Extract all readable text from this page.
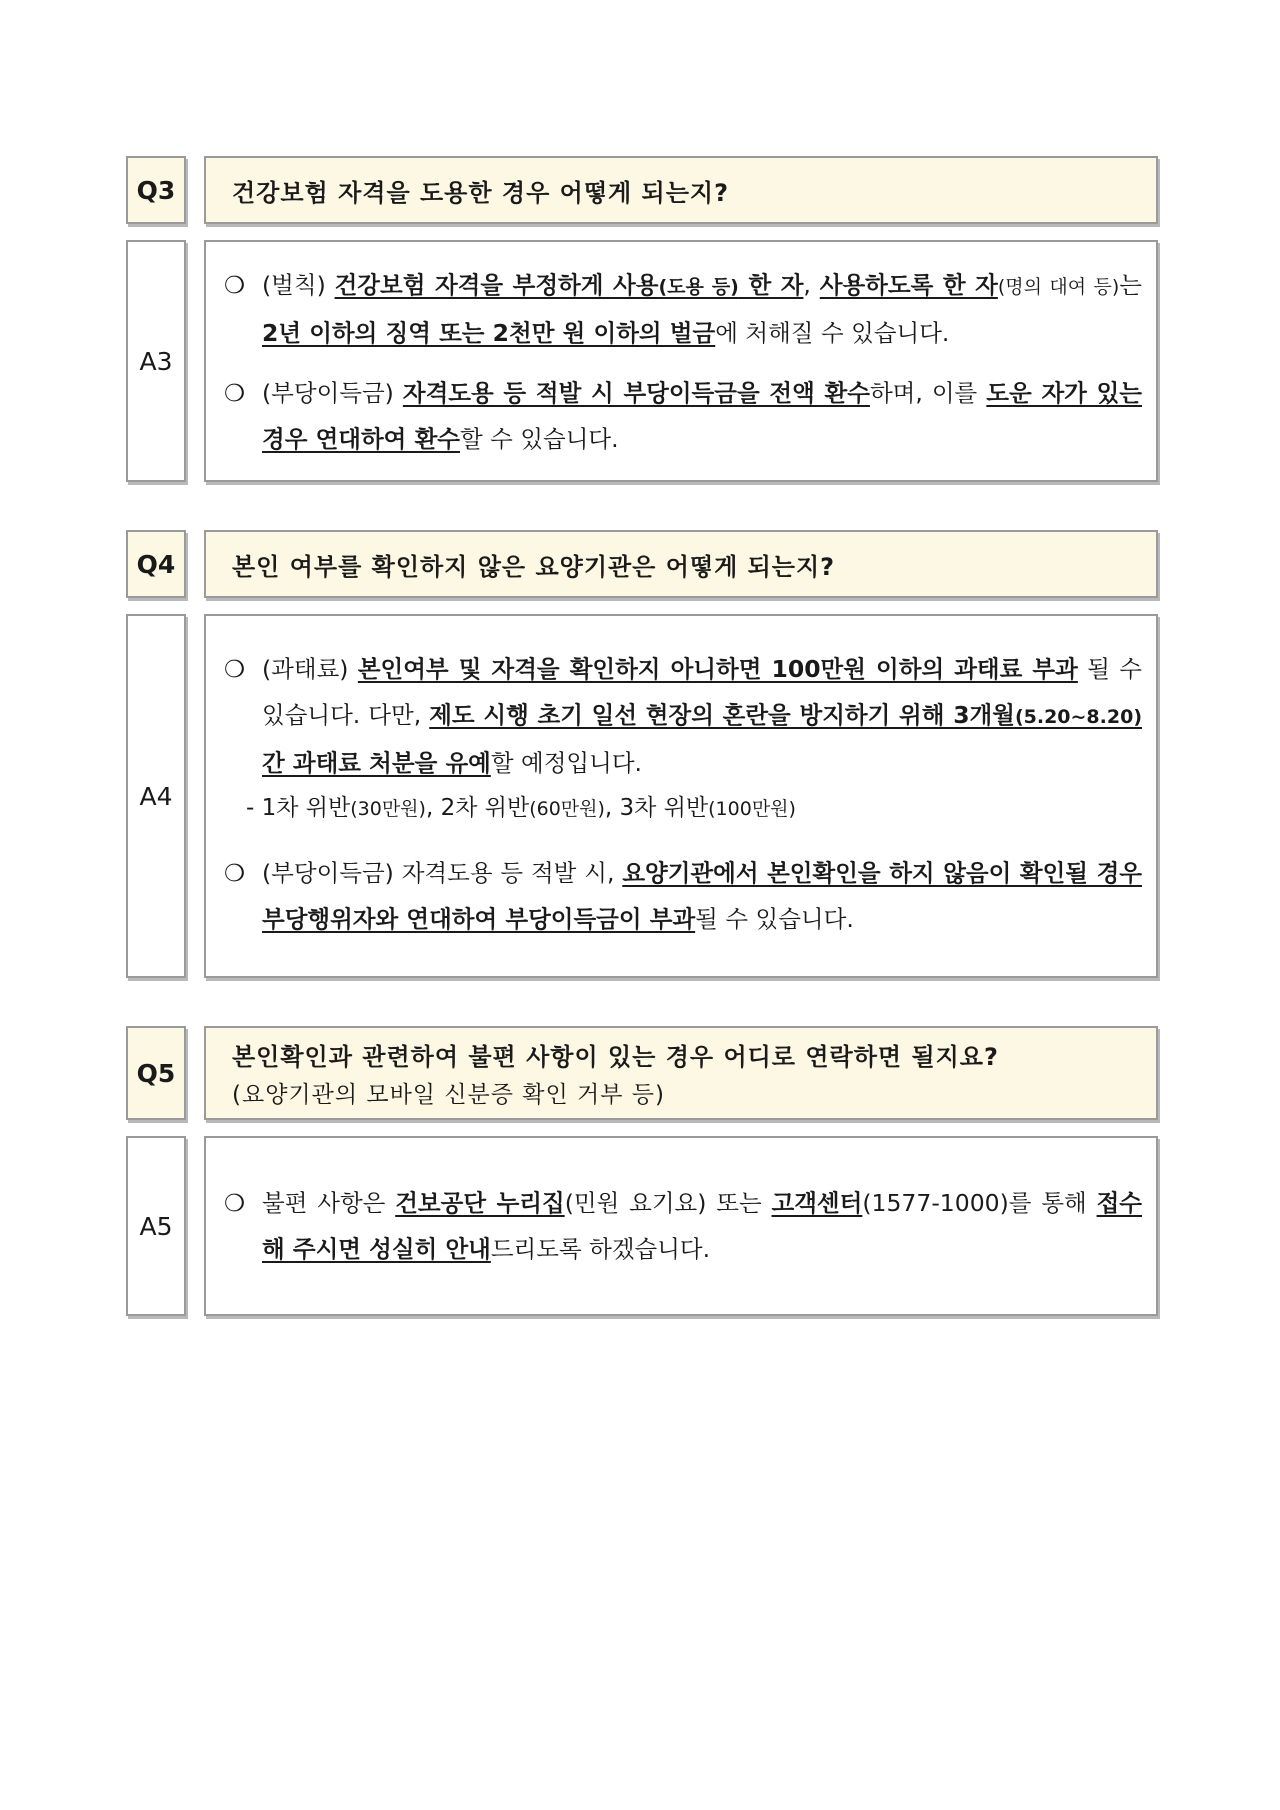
Q3 건강보험 자격을 도용한 경우 어떻게 되는지?
A3
❍ (벌칙) 건강보험 자격을 부정하게 사용(도용 등) 한 자, 사용하도록 한 자(명의 대여 등)는 2년 이하의 징역 또는 2천만 원 이하의 벌금에 처해질 수 있습니다.
❍ (부당이득금) 자격도용 등 적발 시 부당이득금을 전액 환수하며, 이를 도운 자가 있는 경우 연대하여 환수할 수 있습니다.
Q4 본인 여부를 확인하지 않은 요양기관은 어떻게 되는지?
A4
❍ (과태료) 본인여부 및 자격을 확인하지 아니하면 100만원 이하의 과태료 부과 될 수 있습니다. 다만, 제도 시행 초기 일선 현장의 혼란을 방지하기 위해 3개월(5.20~8.20)간 과태료 처분을 유예할 예정입니다.
- 1차 위반(30만원), 2차 위반(60만원), 3차 위반(100만원)
❍ (부당이득금) 자격도용 등 적발 시, 요양기관에서 본인확인을 하지 않음이 확인될 경우 부당행위자와 연대하여 부당이득금이 부과될 수 있습니다.
Q5
본인확인과 관련하여 불편 사항이 있는 경우 어디로 연락하면 될지요?
(요양기관의 모바일 신분증 확인 거부 등)
A5
❍ 불편 사항은 건보공단 누리집(민원 요기요) 또는 고객센터(1577-1000)를 통해 접수해 주시면 성실히 안내드리도록 하겠습니다.
